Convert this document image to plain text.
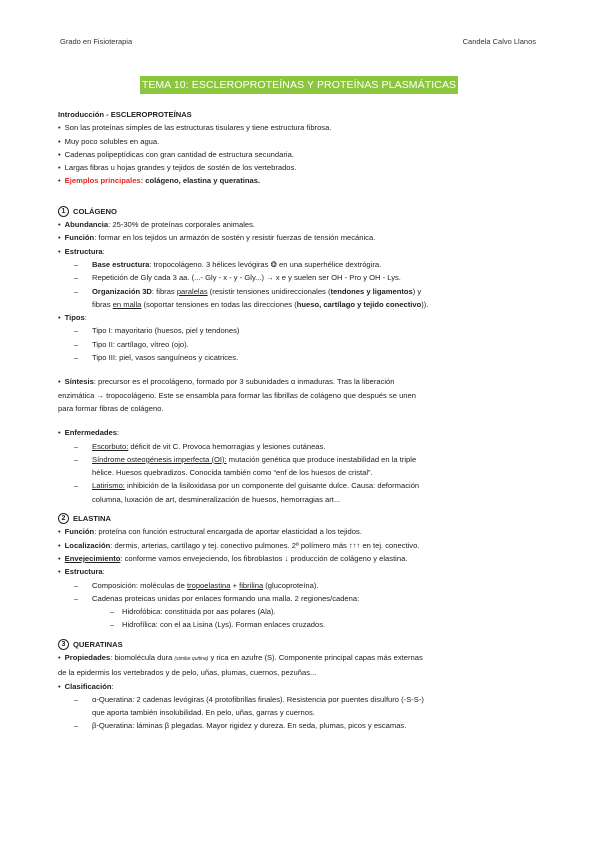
Grado en Fisioterapia	Candela Calvo Llanos
TEMA 10: ESCLEROPROTEÍNAS Y PROTEÍNAS PLASMÁTICAS
Introducción - ESCLEROPROTEÍNAS
• Son las proteínas simples de las estructuras tisulares y tiene estructura fibrosa.
• Muy poco solubles en agua.
• Cadenas polipeptídicas con gran cantidad de estructura secundaria.
• Largas fibras u hojas grandes y tejidos de sostén de los vertebrados.
• Ejemplos principales: colágeno, elastina y queratinas.
1 COLÁGENO
• Abundancia: 25-30% de proteínas corporales animales.
• Función: formar en los tejidos un armazón de sostén y resistir fuerzas de tensión mecánica.
• Estructura:
– Base estructura: tropocolágeno. 3 hélices levógiras ❂ en una superhélice dextrógira.
– Repetición de Gly cada 3 aa. (...- Gly - x - y - Gly...) → x e y suelen ser OH - Pro y OH - Lys.
– Organización 3D: fibras paralelas (resistir tensiones unidireccionales (tendones y ligamentos) y
fibras en malla (soportar tensiones en todas las direcciones (hueso, cartílago y tejido conectivo)).
• Tipos:
– Tipo I: mayoritario (huesos, piel y tendones)
– Tipo II: cartílago, vítreo (ojo).
– Tipo III: piel, vasos sanguíneos y cicatrices.
• Síntesis: precursor es el procolágeno, formado por 3 subunidades α inmaduras. Tras la liberación
enzimática → tropocolágeno. Este se ensambla para formar las fibrillas de colágeno que después se unen
para formar fibras de colágeno.
• Enfermedades:
– Escorbuto: déficit de vit C. Provoca hemorragias y lesiones cutáneas.
– Síndrome osteogénesis imperfecta (OI): mutación genética que produce inestabilidad en la triple
hélice. Huesos quebradizos. Conocida también como “enf de los huesos de cristal”.
– Latirismo: inhibición de la lisiloxidasa por un componente del guisante dulce. Causa: deformación
columna, luxación de art, desmineralización de huesos, hemorragias art...
2 ELASTINA
• Función: proteína con función estructural encargada de aportar elasticidad a los tejidos.
• Localización: dermis, arterias, cartílago y tej. conectivo pulmones. 2º polímero más ↑↑↑ en tej. conectivo.
• Envejecimiento: conforme vamos envejeciendo, los fibroblastos ↓ producción de colágeno y elastina.
• Estructura:
– Composición: moléculas de tropoelastina + fibrilina (glucoproteína).
– Cadenas proteicas unidas por enlaces formando una malla. 2 regiones/cadena:
– Hidrofóbica: constituida por aas polares (Ala).
– Hidrofílica: con el aa Lisina (Lys). Forman enlaces cruzados.
3 QUERATINAS
• Propiedades: biomolécula dura (similar quitina) y rica en azufre (S). Componente principal capas más externas
de la epidermis los vertebrados y de pelo, uñas, plumas, cuernos, pezuñas...
• Clasificación:
– α-Queratina: 2 cadenas levógiras (4 protofibrillas finales). Resistencia por puentes disulfuro (-S-S-)
que aporta también insolubilidad. En pelo, uñas, garras y cuernos.
– β-Queratina: láminas β plegadas. Mayor rigidez y dureza. En seda, plumas, picos y escamas.
